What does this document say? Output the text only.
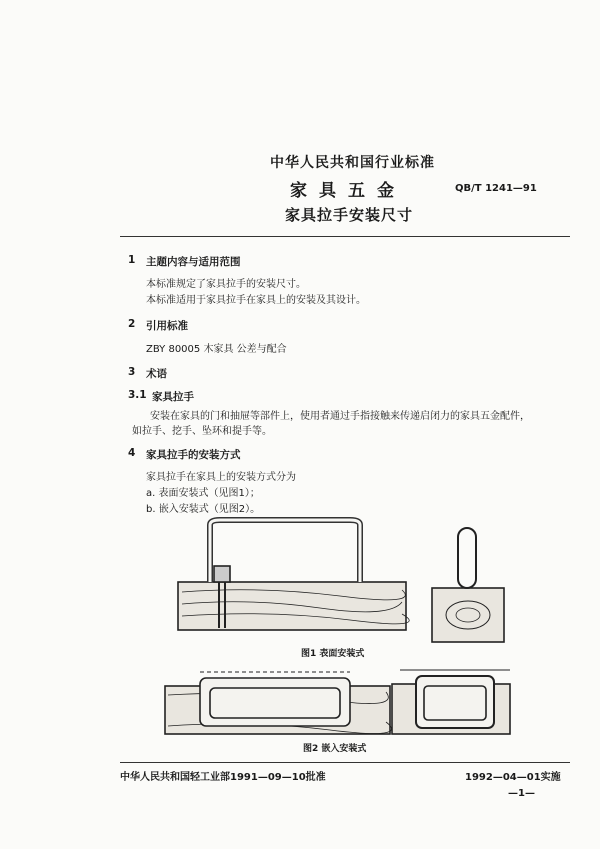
中华人民共和国行业标准
家具五金	QB/T 1241—91
家具拉手安装尺寸
1 主题内容与适用范围
本标准规定了家具拉手的安装尺寸。
本标准适用于家具拉手在家具上的安装及其设计。
2 引用标准
ZBY 80005 木家具 公差与配合
3 术语
3.1 家具拉手
安装在家具的门和抽屉等部件上，使用者通过手指接触来传递启闭力的家具五金配件，
如拉手、挖手、坠环和提手等。
4 家具拉手的安装方式
家具拉手在家具上的安装方式分为
a. 表面安装式（见图1）；
b. 嵌入安装式（见图2）。
图1 表面安装式
图2 嵌入安装式
中华人民共和国轻工业部1991—09—10批准	1992—04—01实施
—1—
